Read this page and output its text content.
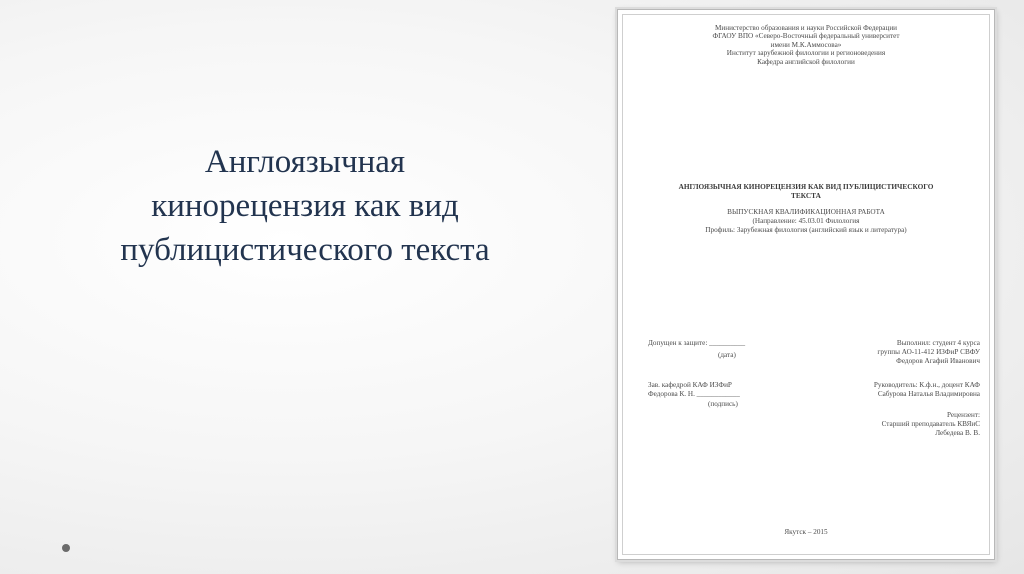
Англоязычная
кинорецензия как вид
публицистического текста
Министерство образования и науки Российской Федерации
ФГАОУ ВПО «Северо-Восточный федеральный университет
имени М.К.Аммосова»
Институт зарубежной филологии и регионоведения
Кафедра английской филологии
АНГЛОЯЗЫЧНАЯ КИНОРЕЦЕНЗИЯ КАК ВИД ПУБЛИЦИСТИЧЕСКОГО
ТЕКСТА
ВЫПУСКНАЯ КВАЛИФИКАЦИОННАЯ РАБОТА
(Направление: 45.03.01 Филология
Профиль: Зарубежная филология (английский язык и литература)
Допущен к защите: __________
(дата)
Выполнил: студент 4 курса
группы АО-11-412 ИЗФиР СВФУ
Федоров Агафий Иванович
Зав. кафедрой КАФ ИЗФиР
Федорова К. Н. ____________
(подпись)
Руководитель: К.ф.н., доцент КАФ
Сабурова Наталья Владимировна
Рецензент:
Старший преподаватель КВЯиС
Лебедева В. В.
Якутск – 2015
